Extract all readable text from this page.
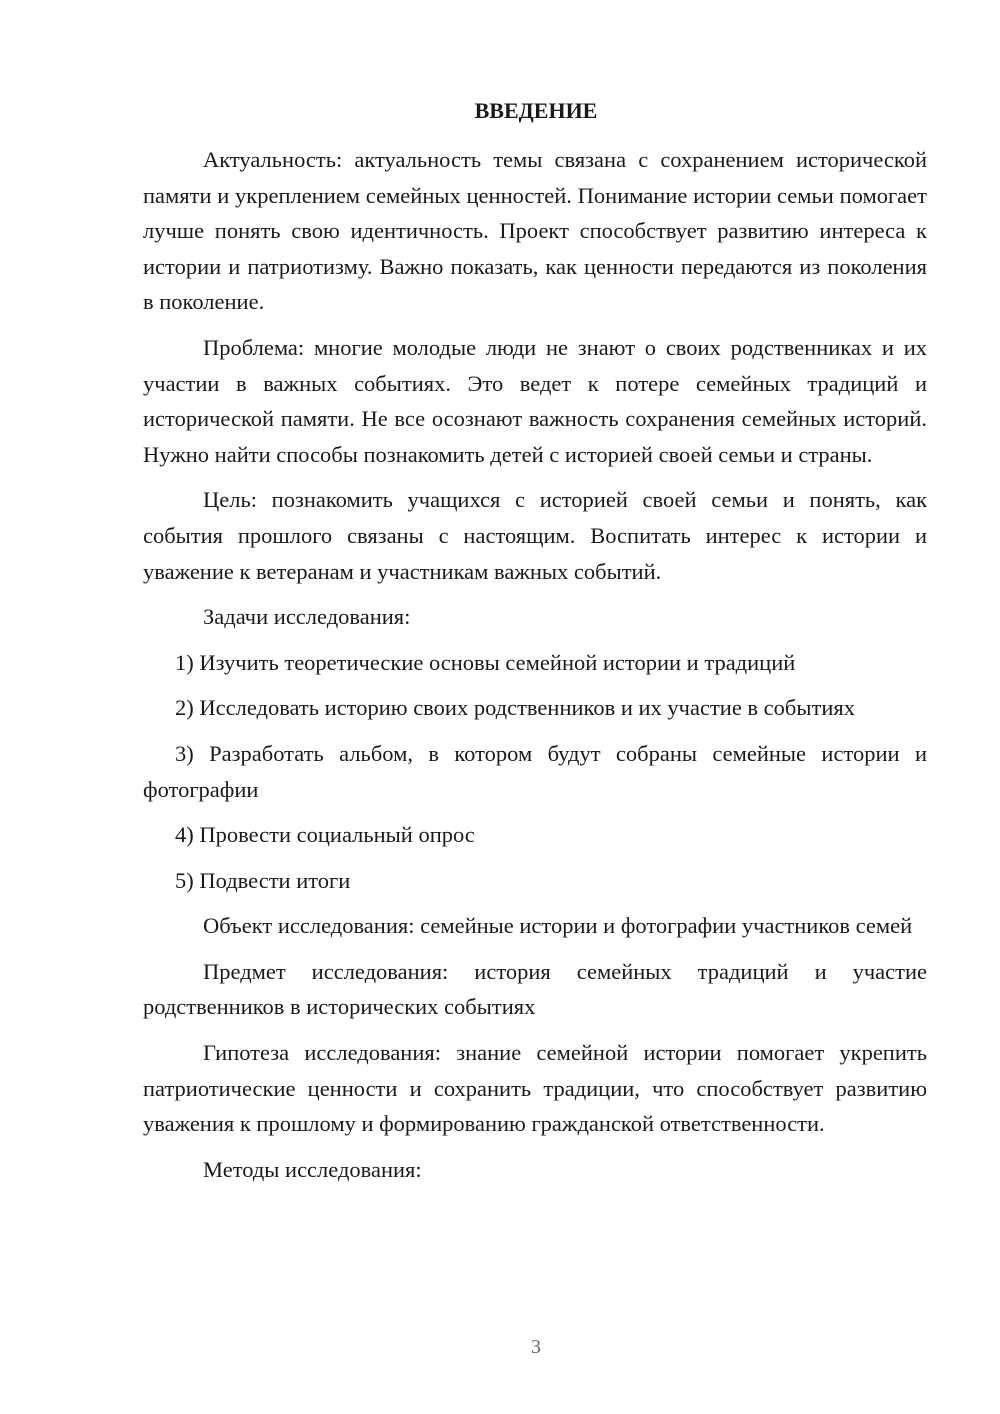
ВВЕДЕНИЕ

Актуальность: актуальность темы связана с сохранением исторической памяти и укреплением семейных ценностей. Понимание истории семьи помогает лучше понять свою идентичность. Проект способствует развитию интереса к истории и патриотизму. Важно показать, как ценности передаются из поколения в поколение.

Проблема: многие молодые люди не знают о своих родственниках и их участии в важных событиях. Это ведет к потере семейных традиций и исторической памяти. Не все осознают важность сохранения семейных историй. Нужно найти способы познакомить детей с историей своей семьи и страны.

Цель: познакомить учащихся с историей своей семьи и понять, как события прошлого связаны с настоящим. Воспитать интерес к истории и уважение к ветеранам и участникам важных событий.

Задачи исследования:

1) Изучить теоретические основы семейной истории и традиций

2) Исследовать историю своих родственников и их участие в событиях

3) Разработать альбом, в котором будут собраны семейные истории и фотографии

4) Провести социальный опрос

5) Подвести итоги

Объект исследования: семейные истории и фотографии участников семей

Предмет исследования: история семейных традиций и участие родственников в исторических событиях

Гипотеза исследования: знание семейной истории помогает укрепить патриотические ценности и сохранить традиции, что способствует развитию уважения к прошлому и формированию гражданской ответственности.

Методы исследования:

3
